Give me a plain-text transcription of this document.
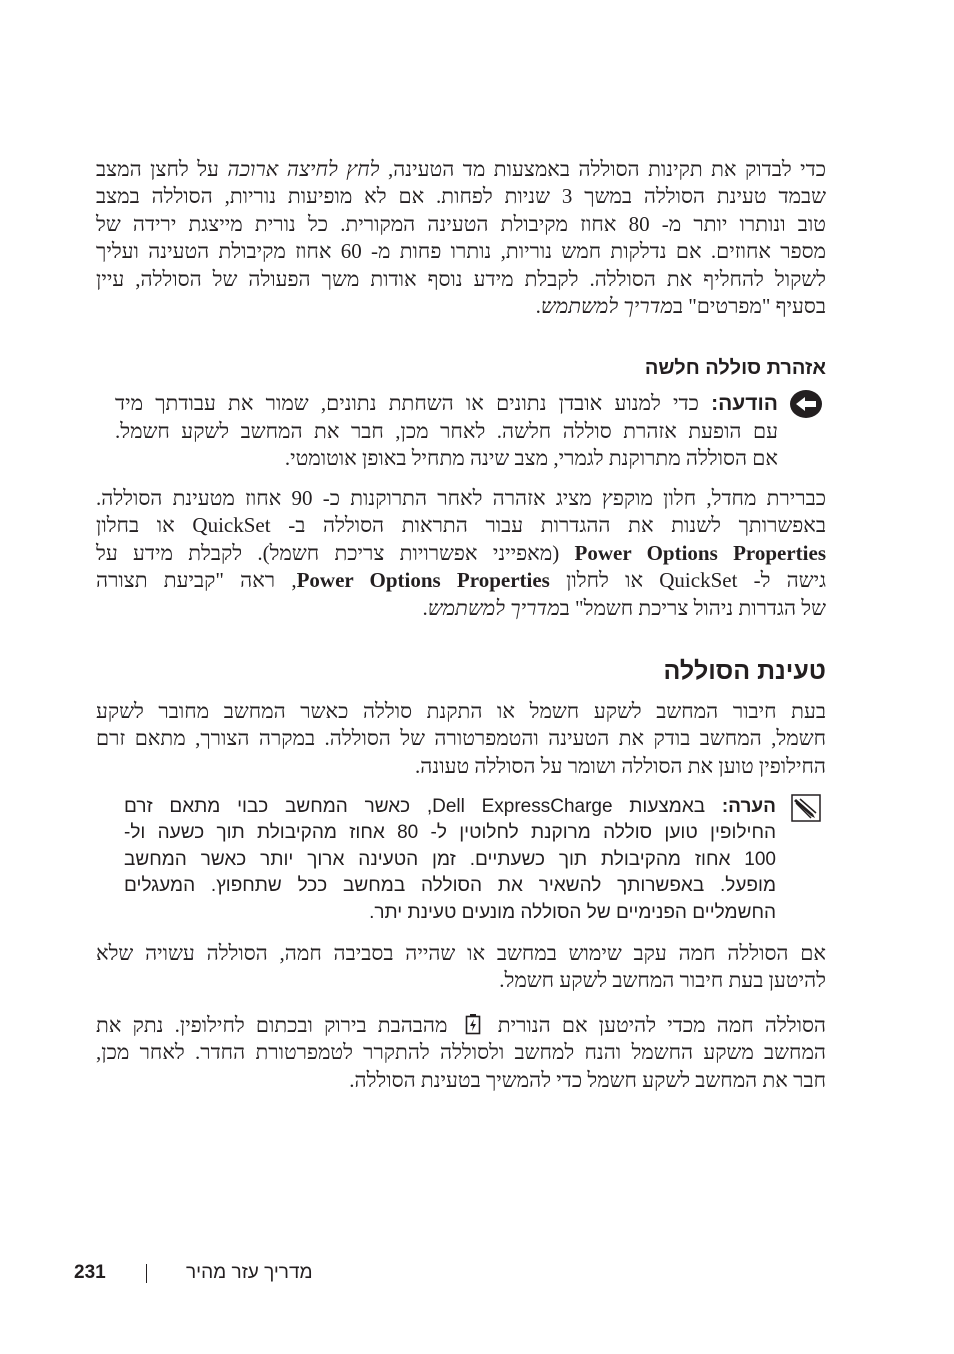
כדי לבדוק את תקינות הסוללה באמצעות מד הטעינה, לחץ לחיצה ארוכה על לחצן המצב
שבמד טעינת הסוללה במשך 3 שניות לפחות. אם לא מופיעות נוריות, הסוללה במצב
טוב ונותרו יותר מ- 80 אחוז מקיבולת הטעינה המקורית. כל נורית מייצגת ירידה של
מספר אחוזים. אם נדלקות חמש נוריות, נותרו פחות מ- 60 אחוז מקיבולת הטעינה ועליך
לשקול להחליף את הסוללה. לקבלת מידע נוסף אודות משך הפעולה של הסוללה, עיין
בסעיף "מפרטים" במדריך למשתמש.
אזהרת סוללה חלשה
הודעה: כדי למנוע אובדן נתונים או השחתת נתונים, שמור את עבודתך מיד
עם הופעת אזהרת סוללה חלשה. לאחר מכן, חבר את המחשב לשקע חשמל.
אם הסוללה מתרוקנת לגמרי, מצב שינה מתחיל באופן אוטומטי.
כברירת מחדל, חלון מוקפץ מציג אזהרה לאחר התרוקנות כ- 90 אחוז מטעינת הסוללה.
באפשרותך לשנות את ההגדרות עבור התראות הסוללה ב- QuickSet או בחלון
Power Options Properties (מאפייני אפשרויות צריכת חשמל). לקבלת מידע על
גישה ל- QuickSet או לחלון Power Options Properties, ראה "קביעת תצורה
של הגדרות ניהול צריכת חשמל" במדריך למשתמש.
טעינת הסוללה
בעת חיבור המחשב לשקע חשמל או התקנת סוללה כאשר המחשב מחובר לשקע
חשמל, המחשב בודק את הטעינה והטמפרטורה של הסוללה. במקרה הצורך, מתאם זרם
החילופין טוען את הסוללה ושומר על הסוללה טעונה.
הערה: באמצעות Dell ExpressCharge, כאשר המחשב כבוי מתאם זרם
החילופין טוען סוללה מרוקנת לחלוטין ל- 80 אחוז מהקיבולת תוך כשעה ול-
100 אחוז מהקיבולת תוך כשעתיים. זמן הטעינה ארוך יותר כאשר המחשב
מופעל. באפשרותך להשאיר את הסוללה במחשב ככל שתחפוץ. המעגלים
החשמליים הפנימיים של הסוללה מונעים טעינת יתר.
אם הסוללה חמה עקב שימוש במחשב או שהייה בסביבה חמה, הסוללה עשויה שלא
להיטען בעת חיבור המחשב לשקע חשמל.
הסוללה חמה מכדי להיטען אם הנורית  מהבהבת בירוק ובכתום לחילופין. נתק את
המחשב משקע החשמל והנח למחשב ולסוללה להתקרר לטמפרטורת החדר. לאחר מכן,
חבר את המחשב לשקע חשמל כדי להמשיך בטעינת הסוללה.
231	מדריך עזר מהיר
